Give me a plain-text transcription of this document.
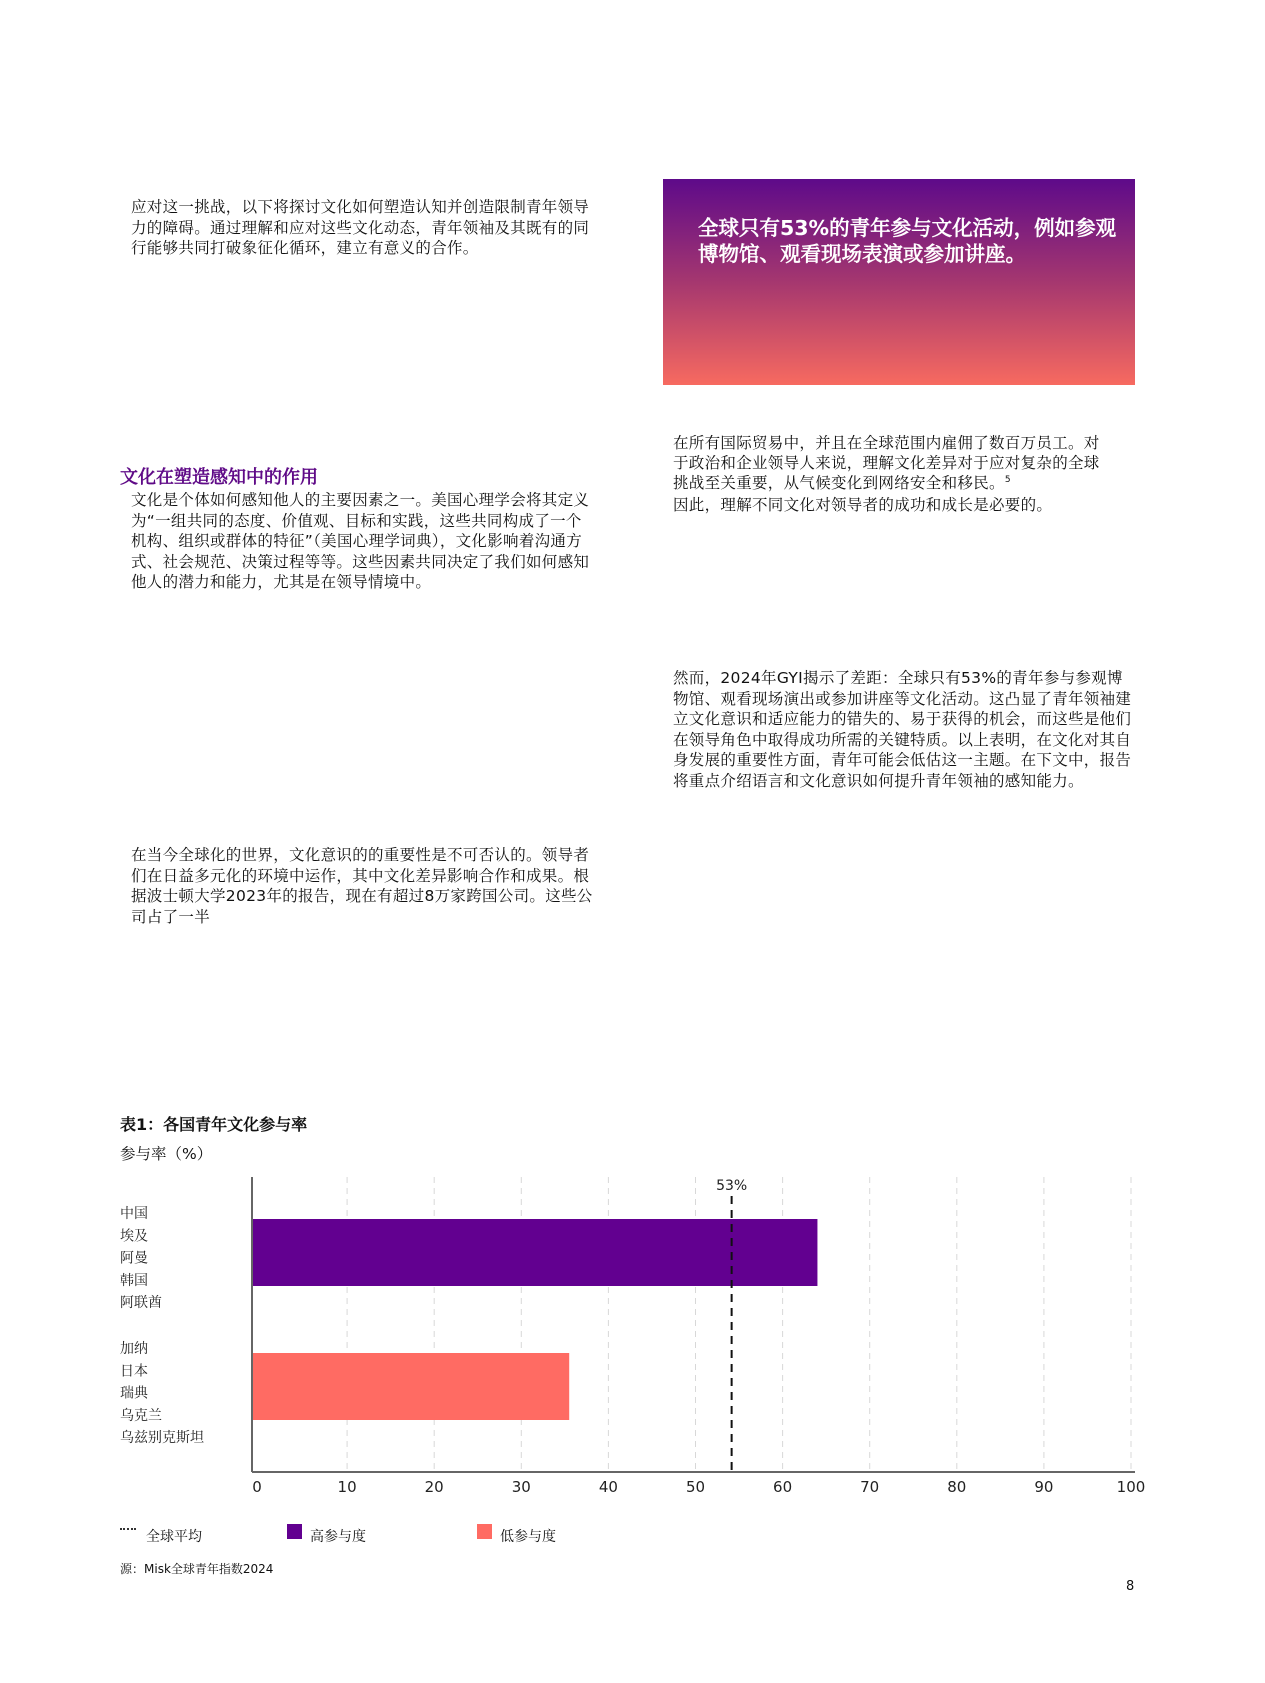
应对这一挑战，以下将探讨文化如何塑造认知并创造限制青年领导力的障碍。通过理解和应对这些文化动态，青年领袖及其既有的同行能够共同打破象征化循环，建立有意义的合作。

全球只有53%的青年参与文化活动，例如参观博物馆、观看现场表演或参加讲座。
文化在塑造感知中的作用

文化是个体如何感知他人的主要因素之一。美国心理学会将其定义为“一组共同的态度、价值观、目标和实践，这些共同构成了一个机构、组织或群体的特征”（美国心理学词典），文化影响着沟通方式、社会规范、决策过程等等。这些因素共同决定了我们如何感知他人的潜力和能力，尤其是在领导情境中。

在所有国际贸易中，并且在全球范围内雇佣了数百万员工。对
于政治和企业领导人来说，理解文化差异对于应对复杂的全球
挑战至关重要，从气候变化到网络安全和移民。$^5$
因此，理解不同文化对领导者的成功和成长是必要的。

然而，2024年GYI揭示了差距：全球只有53%的青年参与参观博物馆、观看现场演出或参加讲座等文化活动。这凸显了青年领袖建立文化意识和适应能力的错失的、易于获得的机会，而这些是他们在领导角色中取得成功所需的关键特质。以上表明，在文化对其自身发展的重要性方面，青年可能会低估这一主题。在下文中，报告将重点介绍语言和文化意识如何提升青年领袖的感知能力。

在当今全球化的世界，文化意识的的重要性是不可否认的。领导者们在日益多元化的环境中运作，其中文化差异影响合作和成果。根据波士顿大学2023年的报告，现在有超过8万家跨国公司。这些公司占了一半

表1：各国青年文化参与率
参与率（%）
0	10	20	30	40	50	60	70	80	90	100
中国
埃及
阿曼
韩国
阿联酋
加纳
日本
瑞典
乌克兰
乌兹别克斯坦
53%
全球平均	高参与度	低参与度
源：Misk全球青年指数2024
8
